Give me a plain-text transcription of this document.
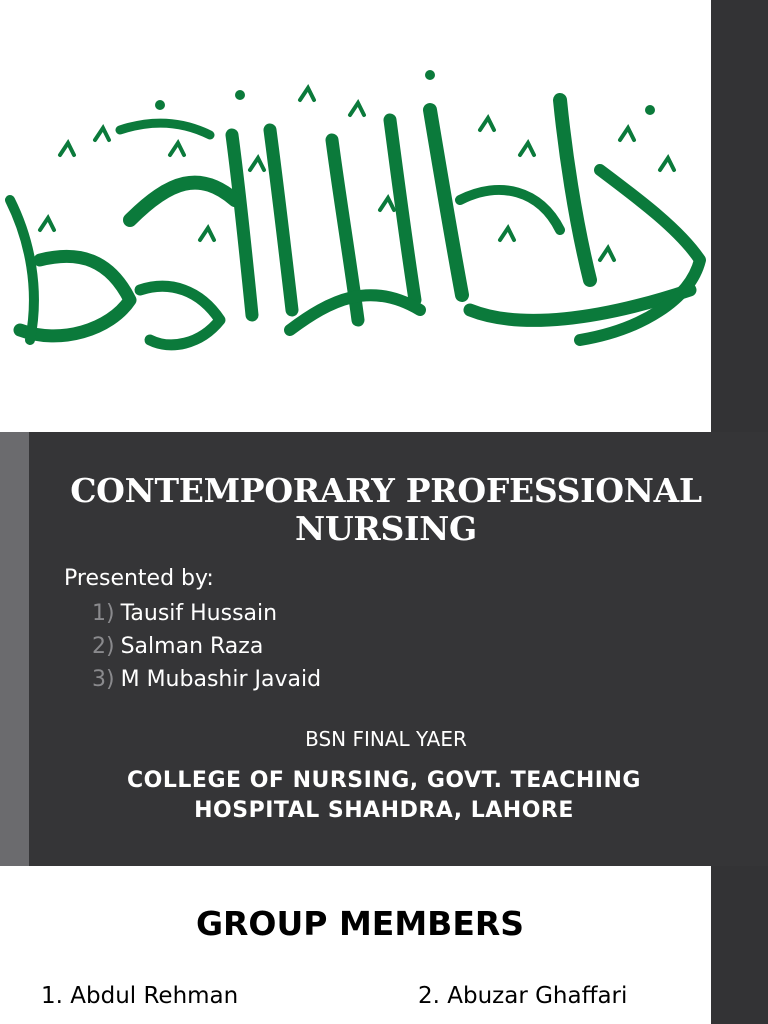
CONTEMPORARY PROFESSIONAL NURSING
Presented by:
1) Tausif Hussain
2) Salman Raza
3) M Mubashir Javaid
BSN FINAL YAER
COLLEGE OF NURSING, GOVT. TEACHING
HOSPITAL SHAHDRA, LAHORE
GROUP MEMBERS
1. Abdul Rehman	2. Abuzar Ghaffari
